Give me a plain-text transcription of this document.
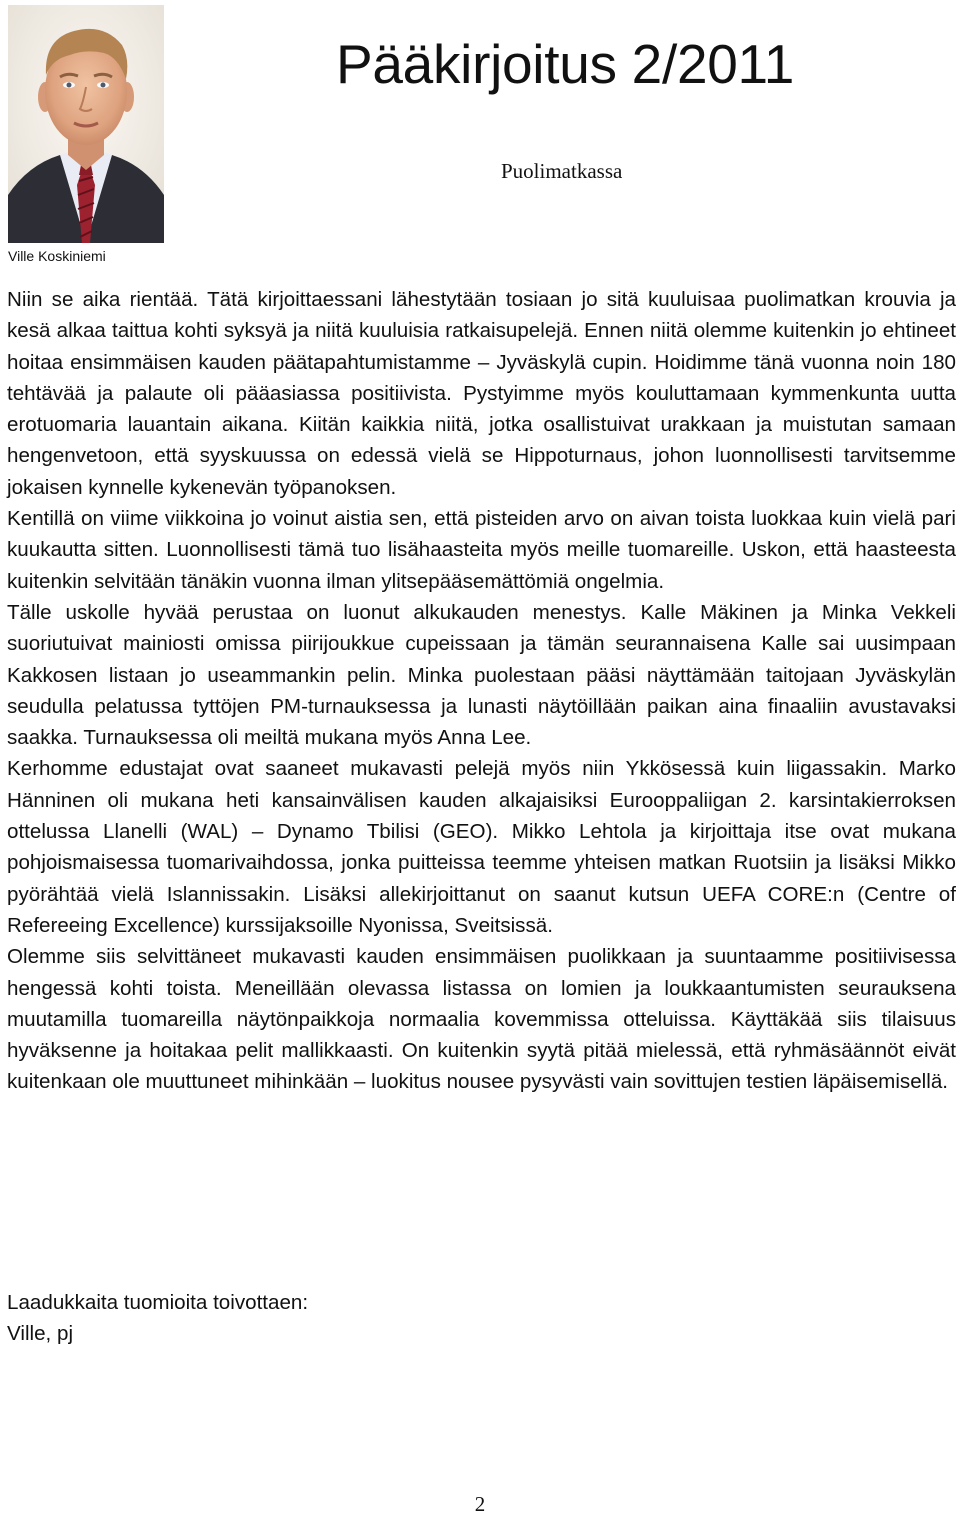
Ville Koskiniemi
Pääkirjoitus 2/2011
Puolimatkassa

Niin se aika rientää. Tätä kirjoittaessani lähestytään tosiaan jo sitä kuuluisaa puolimatkan krouvia ja kesä alkaa taittua kohti syksyä ja niitä kuuluisia ratkaisupelejä. Ennen niitä olemme kuitenkin jo ehtineet hoitaa ensimmäisen kauden päätapahtumistamme – Jyväskylä cupin. Hoidimme tänä vuonna noin 180 tehtävää ja palaute oli pääasiassa positiivista. Pystyimme myös kouluttamaan kymmenkunta uutta erotuomaria lauantain aikana. Kiitän kaikkia niitä, jotka osallistuivat urakkaan ja muistutan samaan hengenvetoon, että syyskuussa on edessä vielä se Hippoturnaus, johon luonnollisesti tarvitsemme jokaisen kynnelle kykenevän työpanoksen.

Kentillä on viime viikkoina jo voinut aistia sen, että pisteiden arvo on aivan toista luokkaa kuin vielä pari kuukautta sitten. Luonnollisesti tämä tuo lisähaasteita myös meille tuomareille. Uskon, että haasteesta kuitenkin selvitään tänäkin vuonna ilman ylitsepääsemättömiä ongelmia.

Tälle uskolle hyvää perustaa on luonut alkukauden menestys. Kalle Mäkinen ja Minka Vekkeli suoriutuivat mainiosti omissa piirijoukkue cupeissaan ja tämän seurannaisena Kalle sai uusimpaan Kakkosen listaan jo useammankin pelin. Minka puolestaan pääsi näyttämään taitojaan Jyväskylän seudulla pelatussa tyttöjen PM-turnauksessa ja lunasti näytöillään paikan aina finaaliin avustavaksi saakka. Turnauksessa oli meiltä mukana myös Anna Lee.

Kerhomme edustajat ovat saaneet mukavasti pelejä myös niin Ykkösessä kuin liigassakin. Marko Hänninen oli mukana heti kansainvälisen kauden alkajaisiksi Eurooppaliigan 2. karsintakierroksen ottelussa Llanelli (WAL) – Dynamo Tbilisi (GEO). Mikko Lehtola ja kirjoittaja itse ovat mukana pohjoismaisessa tuomarivaihdossa, jonka puitteissa teemme yhteisen matkan Ruotsiin ja lisäksi Mikko pyörähtää vielä Islannissakin. Lisäksi allekirjoittanut on saanut kutsun UEFA CORE:n (Centre of Refereeing Excellence) kurssijaksoille Nyonissa, Sveitsissä.

Olemme siis selvittäneet mukavasti kauden ensimmäisen puolikkaan ja suuntaamme positiivisessa hengessä kohti toista. Meneillään olevassa listassa on lomien ja loukkaantumisten seurauksena muutamilla tuomareilla näytönpaikkoja normaalia kovemmissa otteluissa. Käyttäkää siis tilaisuus hyväksenne ja hoitakaa pelit mallikkaasti. On kuitenkin syytä pitää mielessä, että ryhmäsäännöt eivät kuitenkaan ole muuttuneet mihinkään – luokitus nousee pysyvästi vain sovittujen testien läpäisemisellä.

Laadukkaita tuomioita toivottaen:
Ville, pj
2
